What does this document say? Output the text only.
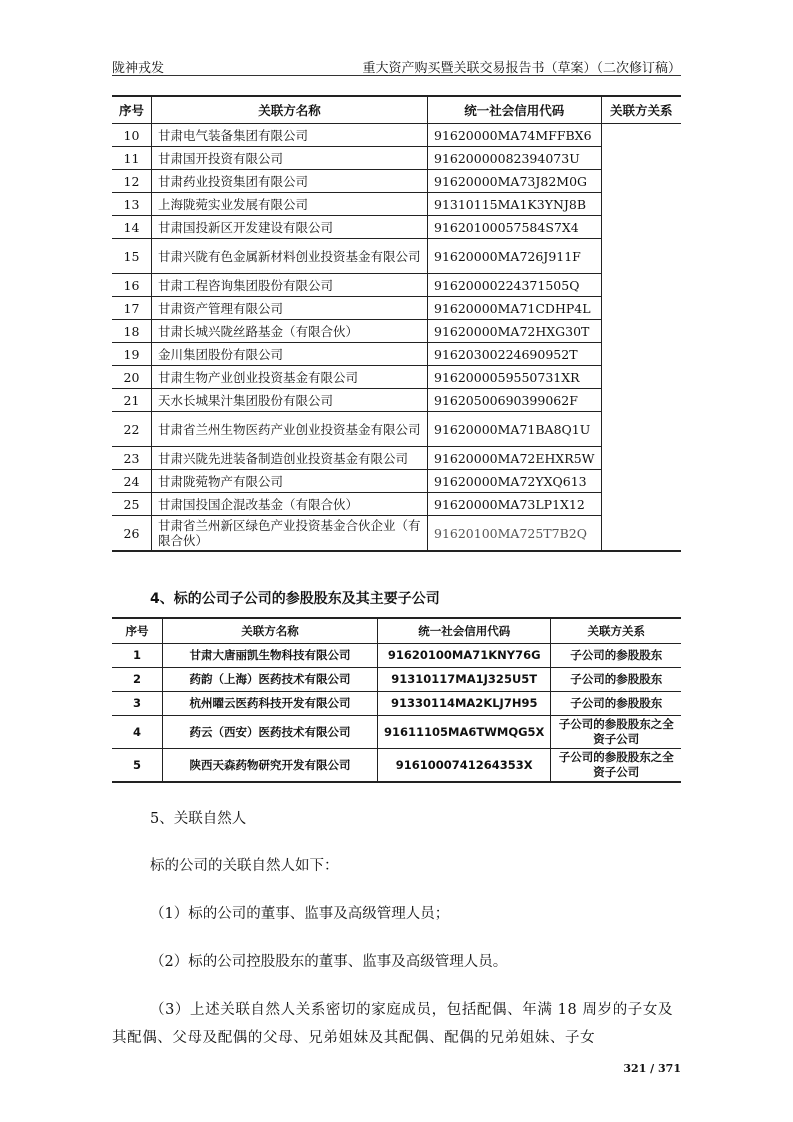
陇神戎发	重大资产购买暨关联交易报告书（草案）（二次修订稿）
序号	关联方名称	统一社会信用代码	关联方关系
10	甘肃电气装备集团有限公司	91620000MA74MFFBX6	
11	甘肃国开投资有限公司	91620000082394073U	
12	甘肃药业投资集团有限公司	91620000MA73J82M0G	
13	上海陇菀实业发展有限公司	91310115MA1K3YNJ8B	
14	甘肃国投新区开发建设有限公司	91620100057584S7X4	
15	甘肃兴陇有色金属新材料创业投资基金有限公司	91620000MA726J911F	
16	甘肃工程咨询集团股份有限公司	91620000224371505Q	
17	甘肃资产管理有限公司	91620000MA71CDHP4L	
18	甘肃长城兴陇丝路基金（有限合伙）	91620000MA72HXG30T	
19	金川集团股份有限公司	91620300224690952T	
20	甘肃生物产业创业投资基金有限公司	9162000059550731XR	
21	天水长城果汁集团股份有限公司	91620500690399062F	
22	甘肃省兰州生物医药产业创业投资基金有限公司	91620000MA71BA8Q1U	
23	甘肃兴陇先进装备制造创业投资基金有限公司	91620000MA72EHXR5W	
24	甘肃陇菀物产有限公司	91620000MA72YXQ613	
25	甘肃国投国企混改基金（有限合伙）	91620000MA73LP1X12	
26	甘肃省兰州新区绿色产业投资基金合伙企业（有限合伙）	91620100MA725T7B2Q	
4、标的公司子公司的参股股东及其主要子公司
序号	关联方名称	统一社会信用代码	关联方关系
1	甘肃大唐丽凯生物科技有限公司	91620100MA71KNY76G	子公司的参股股东
2	药韵（上海）医药技术有限公司	91310117MA1J325U5T	子公司的参股股东
3	杭州曜云医药科技开发有限公司	91330114MA2KLJ7H95	子公司的参股股东
4	药云（西安）医药技术有限公司	91611105MA6TWMQG5X	子公司的参股股东之全资子公司
5	陕西天森药物研究开发有限公司	9161000741264353X	子公司的参股股东之全资子公司
5、关联自然人
标的公司的关联自然人如下：
（1）标的公司的董事、监事及高级管理人员；
（2）标的公司控股股东的董事、监事及高级管理人员。
（3）上述关联自然人关系密切的家庭成员，包括配偶、年满 18 周岁的子女及其配偶、父母及配偶的父母、兄弟姐妹及其配偶、配偶的兄弟姐妹、子女
321 / 371
